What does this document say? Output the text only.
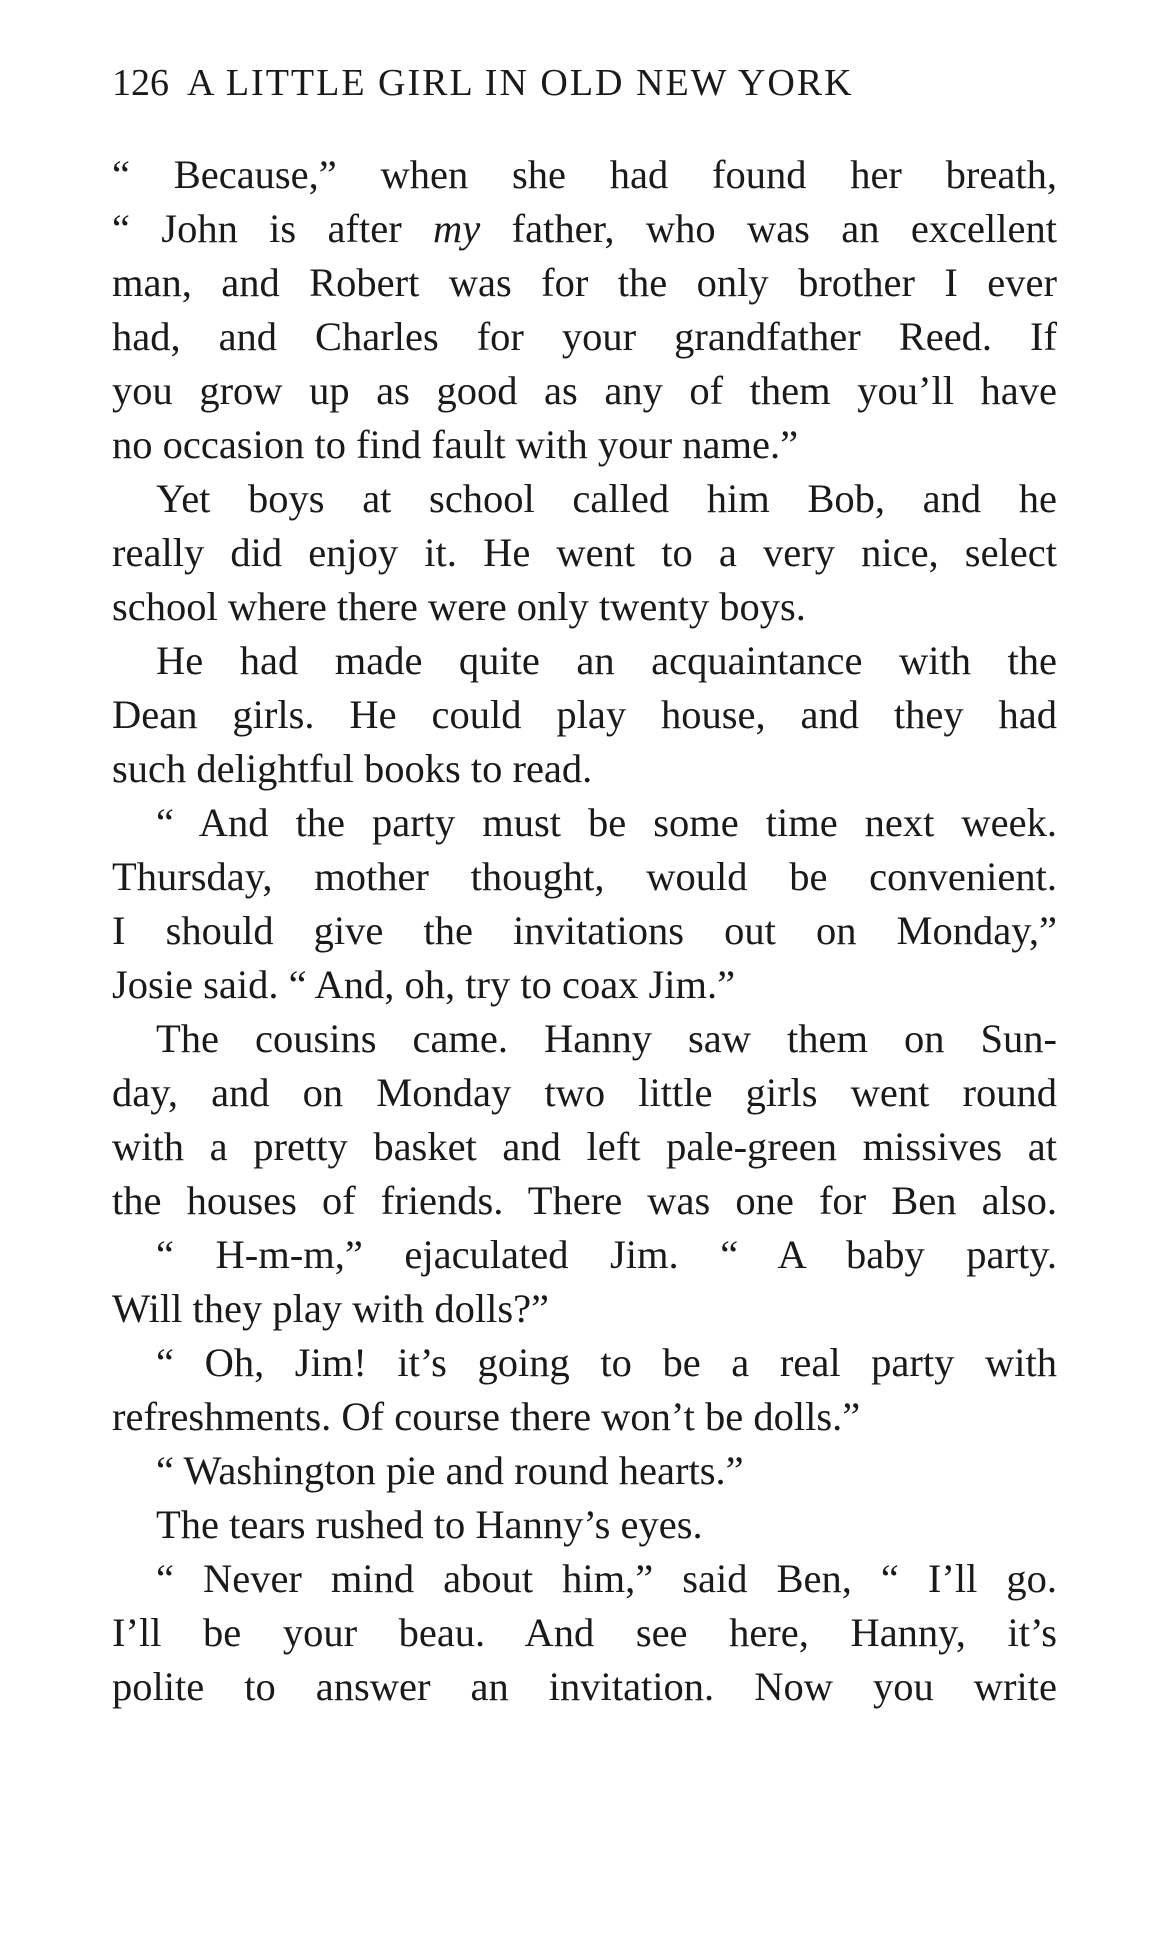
126 A LITTLE GIRL IN OLD NEW YORK
“ Because,” when she had found her breath,
“ John is after my father, who was an excellent
man, and Robert was for the only brother I ever
had, and Charles for your grandfather Reed. If
you grow up as good as any of them you’ll have
no occasion to find fault with your name.”
Yet boys at school called him Bob, and he
really did enjoy it. He went to a very nice, select
school where there were only twenty boys.
He had made quite an acquaintance with the
Dean girls. He could play house, and they had
such delightful books to read.
“ And the party must be some time next week.
Thursday, mother thought, would be convenient.
I should give the invitations out on Monday,”
Josie said. “ And, oh, try to coax Jim.”
The cousins came. Hanny saw them on Sun-
day, and on Monday two little girls went round
with a pretty basket and left pale-green missives at
the houses of friends. There was one for Ben also.
“ H-m-m,” ejaculated Jim. “ A baby party.
Will they play with dolls?”
“ Oh, Jim! it’s going to be a real party with
refreshments. Of course there won’t be dolls.”
“ Washington pie and round hearts.”
The tears rushed to Hanny’s eyes.
“ Never mind about him,” said Ben, “ I’ll go.
I’ll be your beau. And see here, Hanny, it’s
polite to answer an invitation. Now you write
